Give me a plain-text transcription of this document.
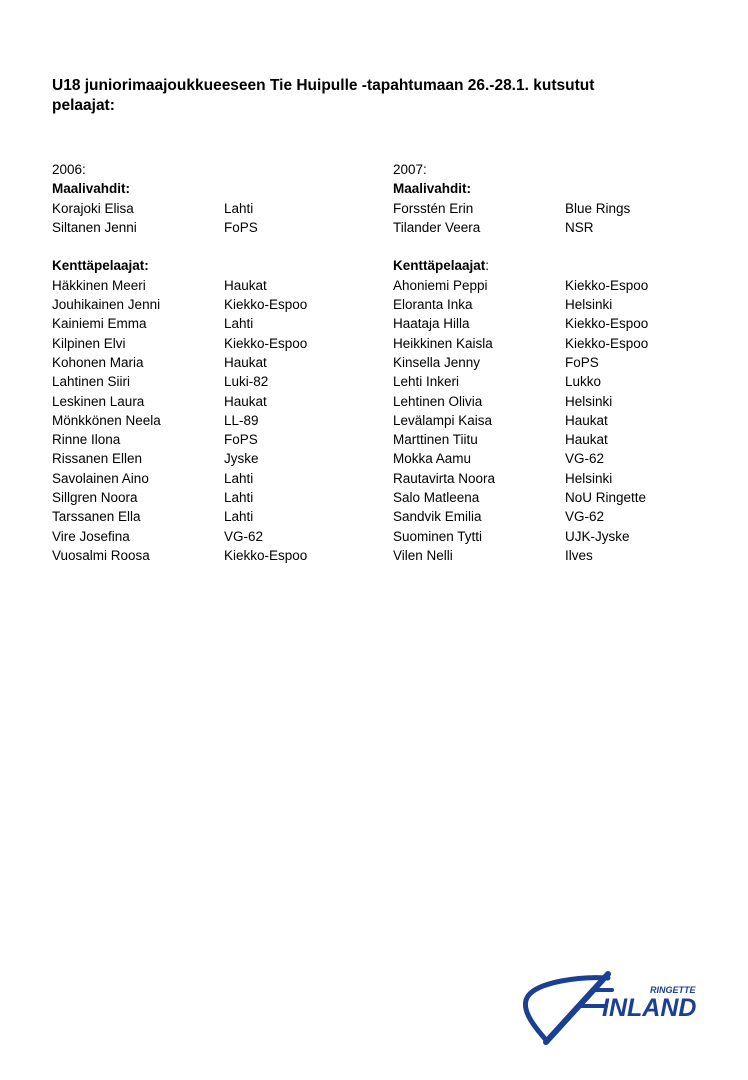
U18 juniorimaajoukkueeseen Tie Huipulle -tapahtumaan 26.-28.1. kutsutut pelaajat:
2006:
Maalivahdit:
Korajoki Elisa	Lahti
Siltanen Jenni	FoPS
Kenttäpelaajat:
Häkkinen Meeri	Haukat
Jouhikainen Jenni	Kiekko-Espoo
Kainiemi Emma	Lahti
Kilpinen Elvi	Kiekko-Espoo
Kohonen Maria	Haukat
Lahtinen Siiri	Luki-82
Leskinen Laura	Haukat
Mönkkönen Neela	LL-89
Rinne Ilona	FoPS
Rissanen Ellen	Jyske
Savolainen Aino	Lahti
Sillgren Noora	Lahti
Tarssanen Ella	Lahti
Vire Josefina	VG-62
Vuosalmi Roosa	Kiekko-Espoo
2007:
Maalivahdit:
Forsstén Erin	Blue Rings
Tilander Veera	NSR
Kenttäpelaajat:
Ahoniemi Peppi	Kiekko-Espoo
Eloranta Inka	Helsinki
Haataja Hilla	Kiekko-Espoo
Heikkinen Kaisla	Kiekko-Espoo
Kinsella Jenny	FoPS
Lehti Inkeri	Lukko
Lehtinen Olivia	Helsinki
Levälampi Kaisa	Haukat
Marttinen Tiitu	Haukat
Mokka Aamu	VG-62
Rautavirta Noora	Helsinki
Salo Matleena	NoU Ringette
Sandvik Emilia	VG-62
Suominen Tytti	UJK-Jyske
Vilen Nelli	Ilves
RINGETTE
INLAND
